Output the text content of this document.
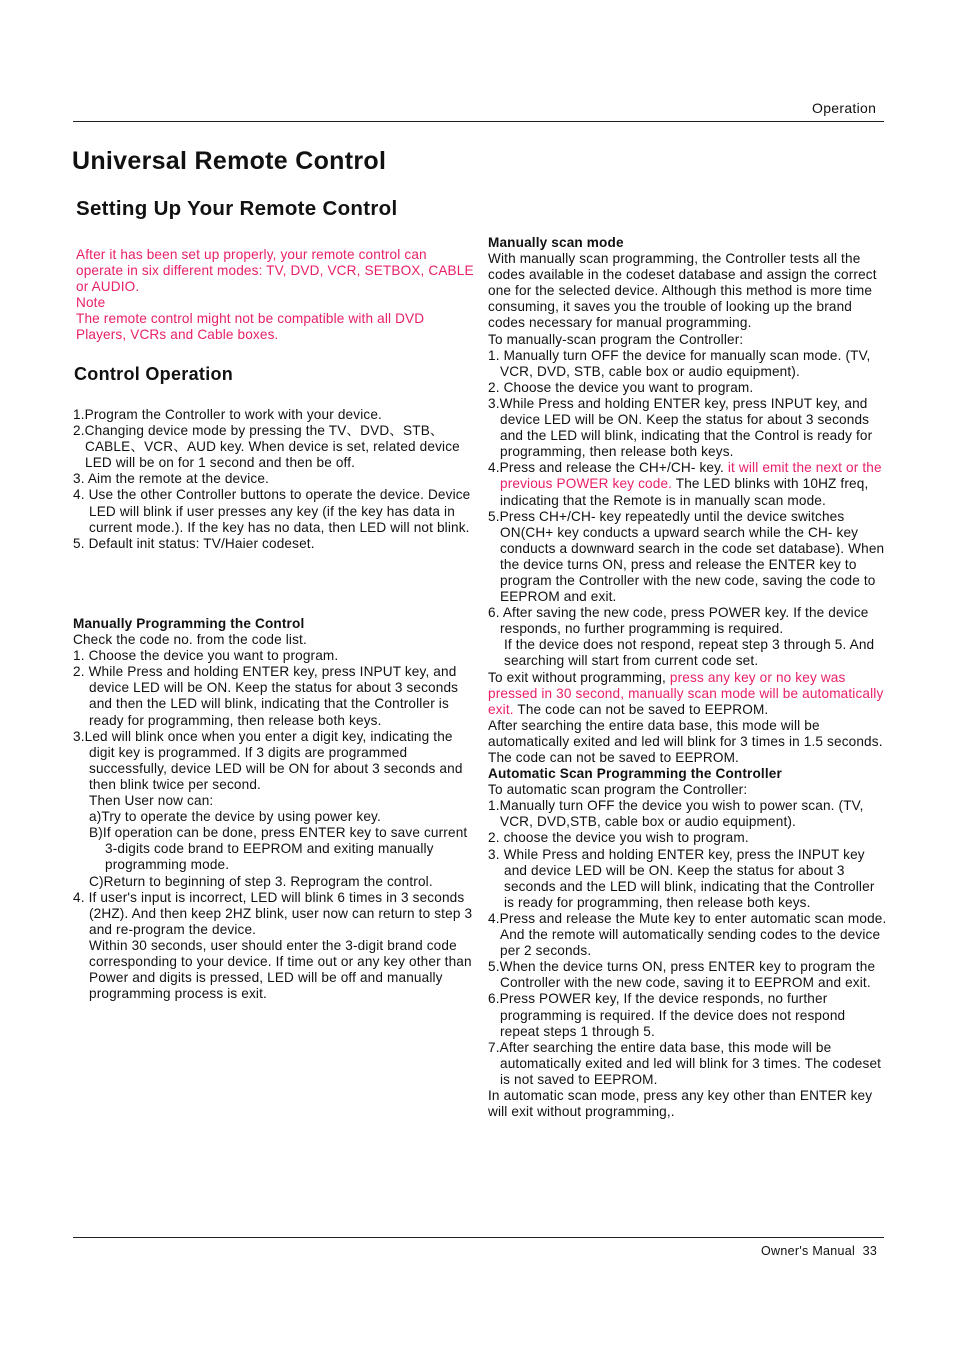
Operation
Universal Remote Control
Setting Up Your Remote Control

After it has been set up properly, your remote control can operate in six different modes: TV, DVD, VCR, SETBOX, CABLE or AUDIO.

Note

The remote control might not be compatible with all DVD Players, VCRs and Cable boxes.

Control Operation

1.Program the Controller to work with your device.

2.Changing device mode by pressing the TV、DVD、STB、CABLE、VCR、AUD key. When device is set, related device LED will be on for 1 second and then be off.

3. Aim the remote at the device.

4. Use the other Controller buttons to operate the device. Device LED will blink if user presses any key (if the key has data in current mode.). If the key has no data, then LED will not blink.

5. Default init status: TV/Haier codeset.

Manually Programming the Control

Check the code no. from the code list.

1. Choose the device you want to program.

2. While Press and holding ENTER key, press INPUT key, and device LED will be ON. Keep the status for about 3 seconds and then the LED will blink, indicating that the Controller is ready for programming, then release both keys.

3.Led will blink once when you enter a digit key, indicating the digit key is programmed. If 3 digits are programmed successfully, device LED will be ON for about 3 seconds and then blink twice per second.

Then User now can:

a)Try to operate the device by using power key.

B)If operation can be done, press ENTER key to save current 3-digits code brand to EEPROM and exiting manually programming mode.

C)Return to beginning of step 3. Reprogram the control.

4. If user's input is incorrect, LED will blink 6 times in 3 seconds (2HZ). And then keep 2HZ blink, user now can return to step 3 and re-program the device.

Within 30 seconds, user should enter the 3-digit brand code corresponding to your device. If time out or any key other than Power and digits is pressed, LED will be off and manually programming process is exit.

Manually scan mode

With manually scan programming, the Controller tests all the codes available in the codeset database and assign the correct one for the selected device. Although this method is more time consuming, it saves you the trouble of looking up the brand codes necessary for manual programming.

To manually-scan program the Controller:

1. Manually turn OFF the device for manually scan mode. (TV, VCR, DVD, STB, cable box or audio equipment).

2. Choose the device you want to program.

3.While Press and holding ENTER key, press INPUT key, and device LED will be ON. Keep the status for about 3 seconds and the LED will blink, indicating that the Control is ready for programming, then release both keys.

4.Press and release the CH+/CH- key. it will emit the next or the previous POWER key code. The LED blinks with 10HZ freq, indicating that the Remote is in manually scan mode.

5.Press CH+/CH- key repeatedly until the device switches ON(CH+ key conducts a upward search while the CH- key conducts a downward search in the code set database). When the device turns ON, press and release the ENTER key to program the Controller with the new code, saving the code to EEPROM and exit.

6. After saving the new code, press POWER key. If the device responds, no further programming is required.

If the device does not respond, repeat step 3 through 5. And searching will start from current code set.

To exit without programming, press any key or no key was pressed in 30 second, manually scan mode will be automatically exit. The code can not be saved to EEPROM.

After searching the entire data base, this mode will be automatically exited and led will blink for 3 times in 1.5 seconds. The code can not be saved to EEPROM.

Automatic Scan Programming the Controller

To automatic scan program the Controller:

1.Manually turn OFF the device you wish to power scan. (TV, VCR, DVD,STB, cable box or audio equipment).

2. choose the device you wish to program.

3. While Press and holding ENTER key, press the INPUT key and device LED will be ON. Keep the status for about 3 seconds and the LED will blink, indicating that the Controller is ready for programming, then release both keys.

4.Press and release the Mute key to enter automatic scan mode. And the remote will automatically sending codes to the device per 2 seconds.

5.When the device turns ON, press ENTER key to program the Controller with the new code, saving it to EEPROM and exit.

6.Press POWER key, If the device responds, no further programming is required. If the device does not respond repeat steps 1 through 5.

7.After searching the entire data base, this mode will be automatically exited and led will blink for 3 times. The codeset is not saved to EEPROM.

In automatic scan mode, press any key other than ENTER key will exit without programming,.

Owner's Manual 33
